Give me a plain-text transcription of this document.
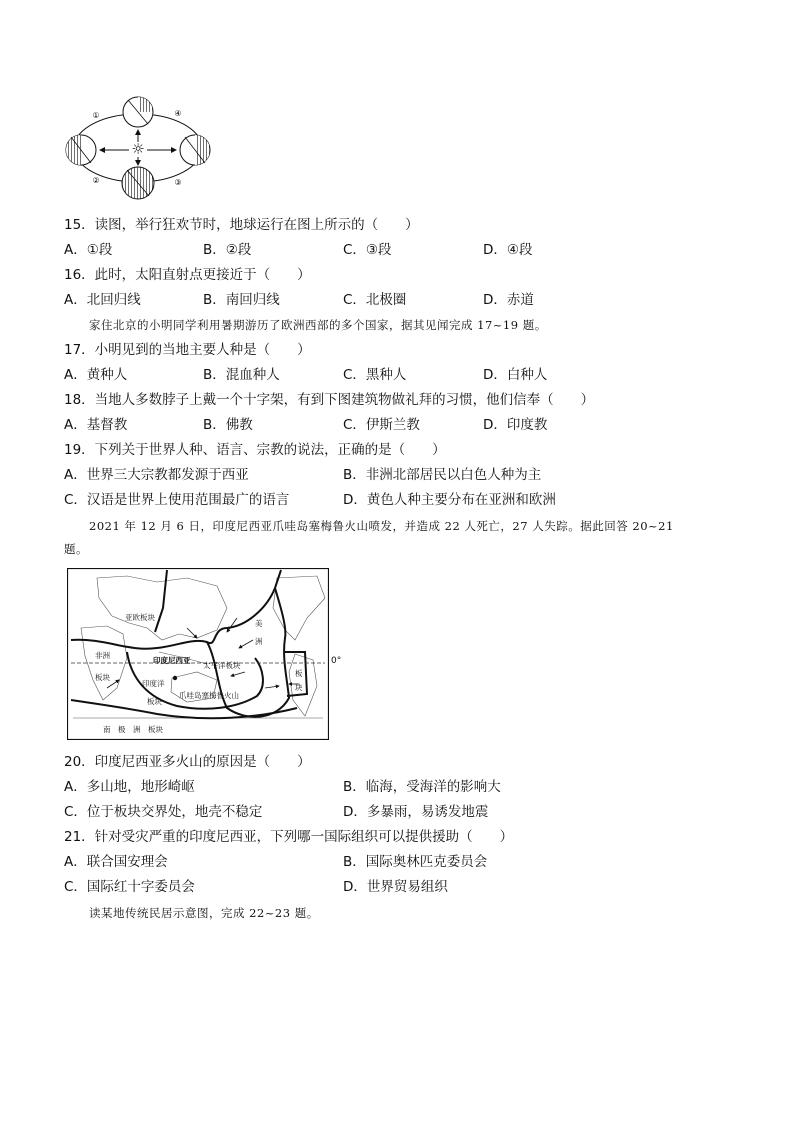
☼
①
②	③
④
15．读图，举行狂欢节时，地球运行在图上所示的（　　）
A．①段	B．②段	C．③段	D．④段
16．此时，太阳直射点更接近于（　　）
A．北回归线	B．南回归线	C．北极圈	D．赤道
家住北京的小明同学利用暑期游历了欧洲西部的多个国家，据其见闻完成 17~19 题。
17．小明见到的当地主要人种是（　　）
A．黄种人	B．混血种人	C．黑种人	D．白种人
18．当地人多数脖子上戴一个十字架，有到下图建筑物做礼拜的习惯，他们信奉（　　）
A．基督教	B．佛教	C．伊斯兰教	D．印度教
19．下列关于世界人种、语言、宗教的说法，正确的是（　　）
A．世界三大宗教都发源于西亚	B．非洲北部居民以白色人种为主
C．汉语是世界上使用范围最广的语言	D．黄色人种主要分布在亚洲和欧洲
2021 年 12 月 6 日，印度尼西亚爪哇岛塞梅鲁火山喷发，并造成 22 人死亡，27 人失踪。据此回答 20~21
题。
亚欧板块
非洲
板块
印度尼西亚
印度洋
板块
太平洋板块
美
洲
板
块
爪哇岛塞梅鲁火山
南　极　洲　板块
0°
20．印度尼西亚多火山的原因是（　　）
A．多山地，地形崎岖	B．临海，受海洋的影响大
C．位于板块交界处，地壳不稳定	D．多暴雨，易诱发地震
21．针对受灾严重的印度尼西亚，下列哪一国际组织可以提供援助（　　）
A．联合国安理会	B．国际奥林匹克委员会
C．国际红十字委员会	D．世界贸易组织
读某地传统民居示意图，完成 22~23 题。
